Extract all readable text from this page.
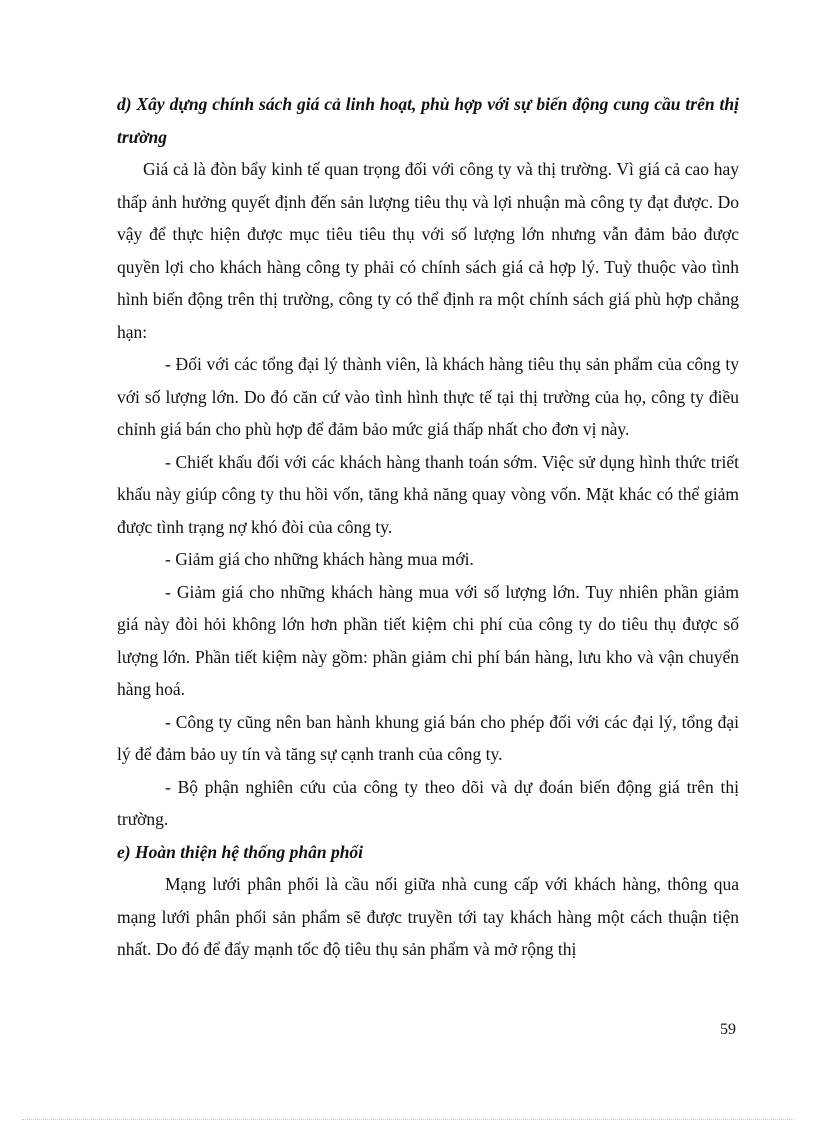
d) Xây dựng chính sách giá cả linh hoạt, phù hợp với sự biến động cung cầu trên thị trường

Giá cả là đòn bẩy kinh tế quan trọng đối với công ty và thị trường. Vì giá cả cao hay thấp ảnh hưởng quyết định đến sản lượng tiêu thụ và lợi nhuận mà công ty đạt được. Do vậy để thực hiện được mục tiêu tiêu thụ với số lượng lớn nhưng vẫn đảm bảo được quyền lợi cho khách hàng công ty phải có chính sách giá cả hợp lý. Tuỳ thuộc vào tình hình biến động trên thị trường, công ty có thể định ra một chính sách giá phù hợp chẳng hạn:

- Đối với các tổng đại lý thành viên, là khách hàng tiêu thụ sản phẩm của công ty với số lượng lớn. Do đó căn cứ vào tình hình thực tế tại thị trường của họ, công ty điều chỉnh giá bán cho phù hợp để đảm bảo mức giá thấp nhất cho đơn vị này.

- Chiết khấu đối với các khách hàng thanh toán sớm. Việc sử dụng hình thức triết khấu này giúp công ty thu hồi vốn, tăng khả năng quay vòng vốn. Mặt khác có thể giảm được tình trạng nợ khó đòi của công ty.

- Giảm giá cho những khách hàng mua mới.

- Giảm giá cho những khách hàng mua với số lượng lớn. Tuy nhiên phần giảm giá này đòi hỏi không lớn hơn phần tiết kiệm chi phí của công ty do tiêu thụ được số lượng lớn. Phần tiết kiệm này gồm: phần giảm chi phí bán hàng, lưu kho và vận chuyển hàng hoá.

- Công ty cũng nên ban hành khung giá bán cho phép đối với các đại lý, tổng đại lý để đảm bảo uy tín và tăng sự cạnh tranh của công ty.

- Bộ phận nghiên cứu của công ty theo dõi và dự đoán biến động giá trên thị trường.

e) Hoàn thiện hệ thống phân phối

Mạng lưới phân phối là cầu nối giữa nhà cung cấp với khách hàng, thông qua mạng lưới phân phối sản phẩm sẽ được truyền tới tay khách hàng một cách thuận tiện nhất. Do đó để đẩy mạnh tốc độ tiêu thụ sản phẩm và mở rộng thị

59
